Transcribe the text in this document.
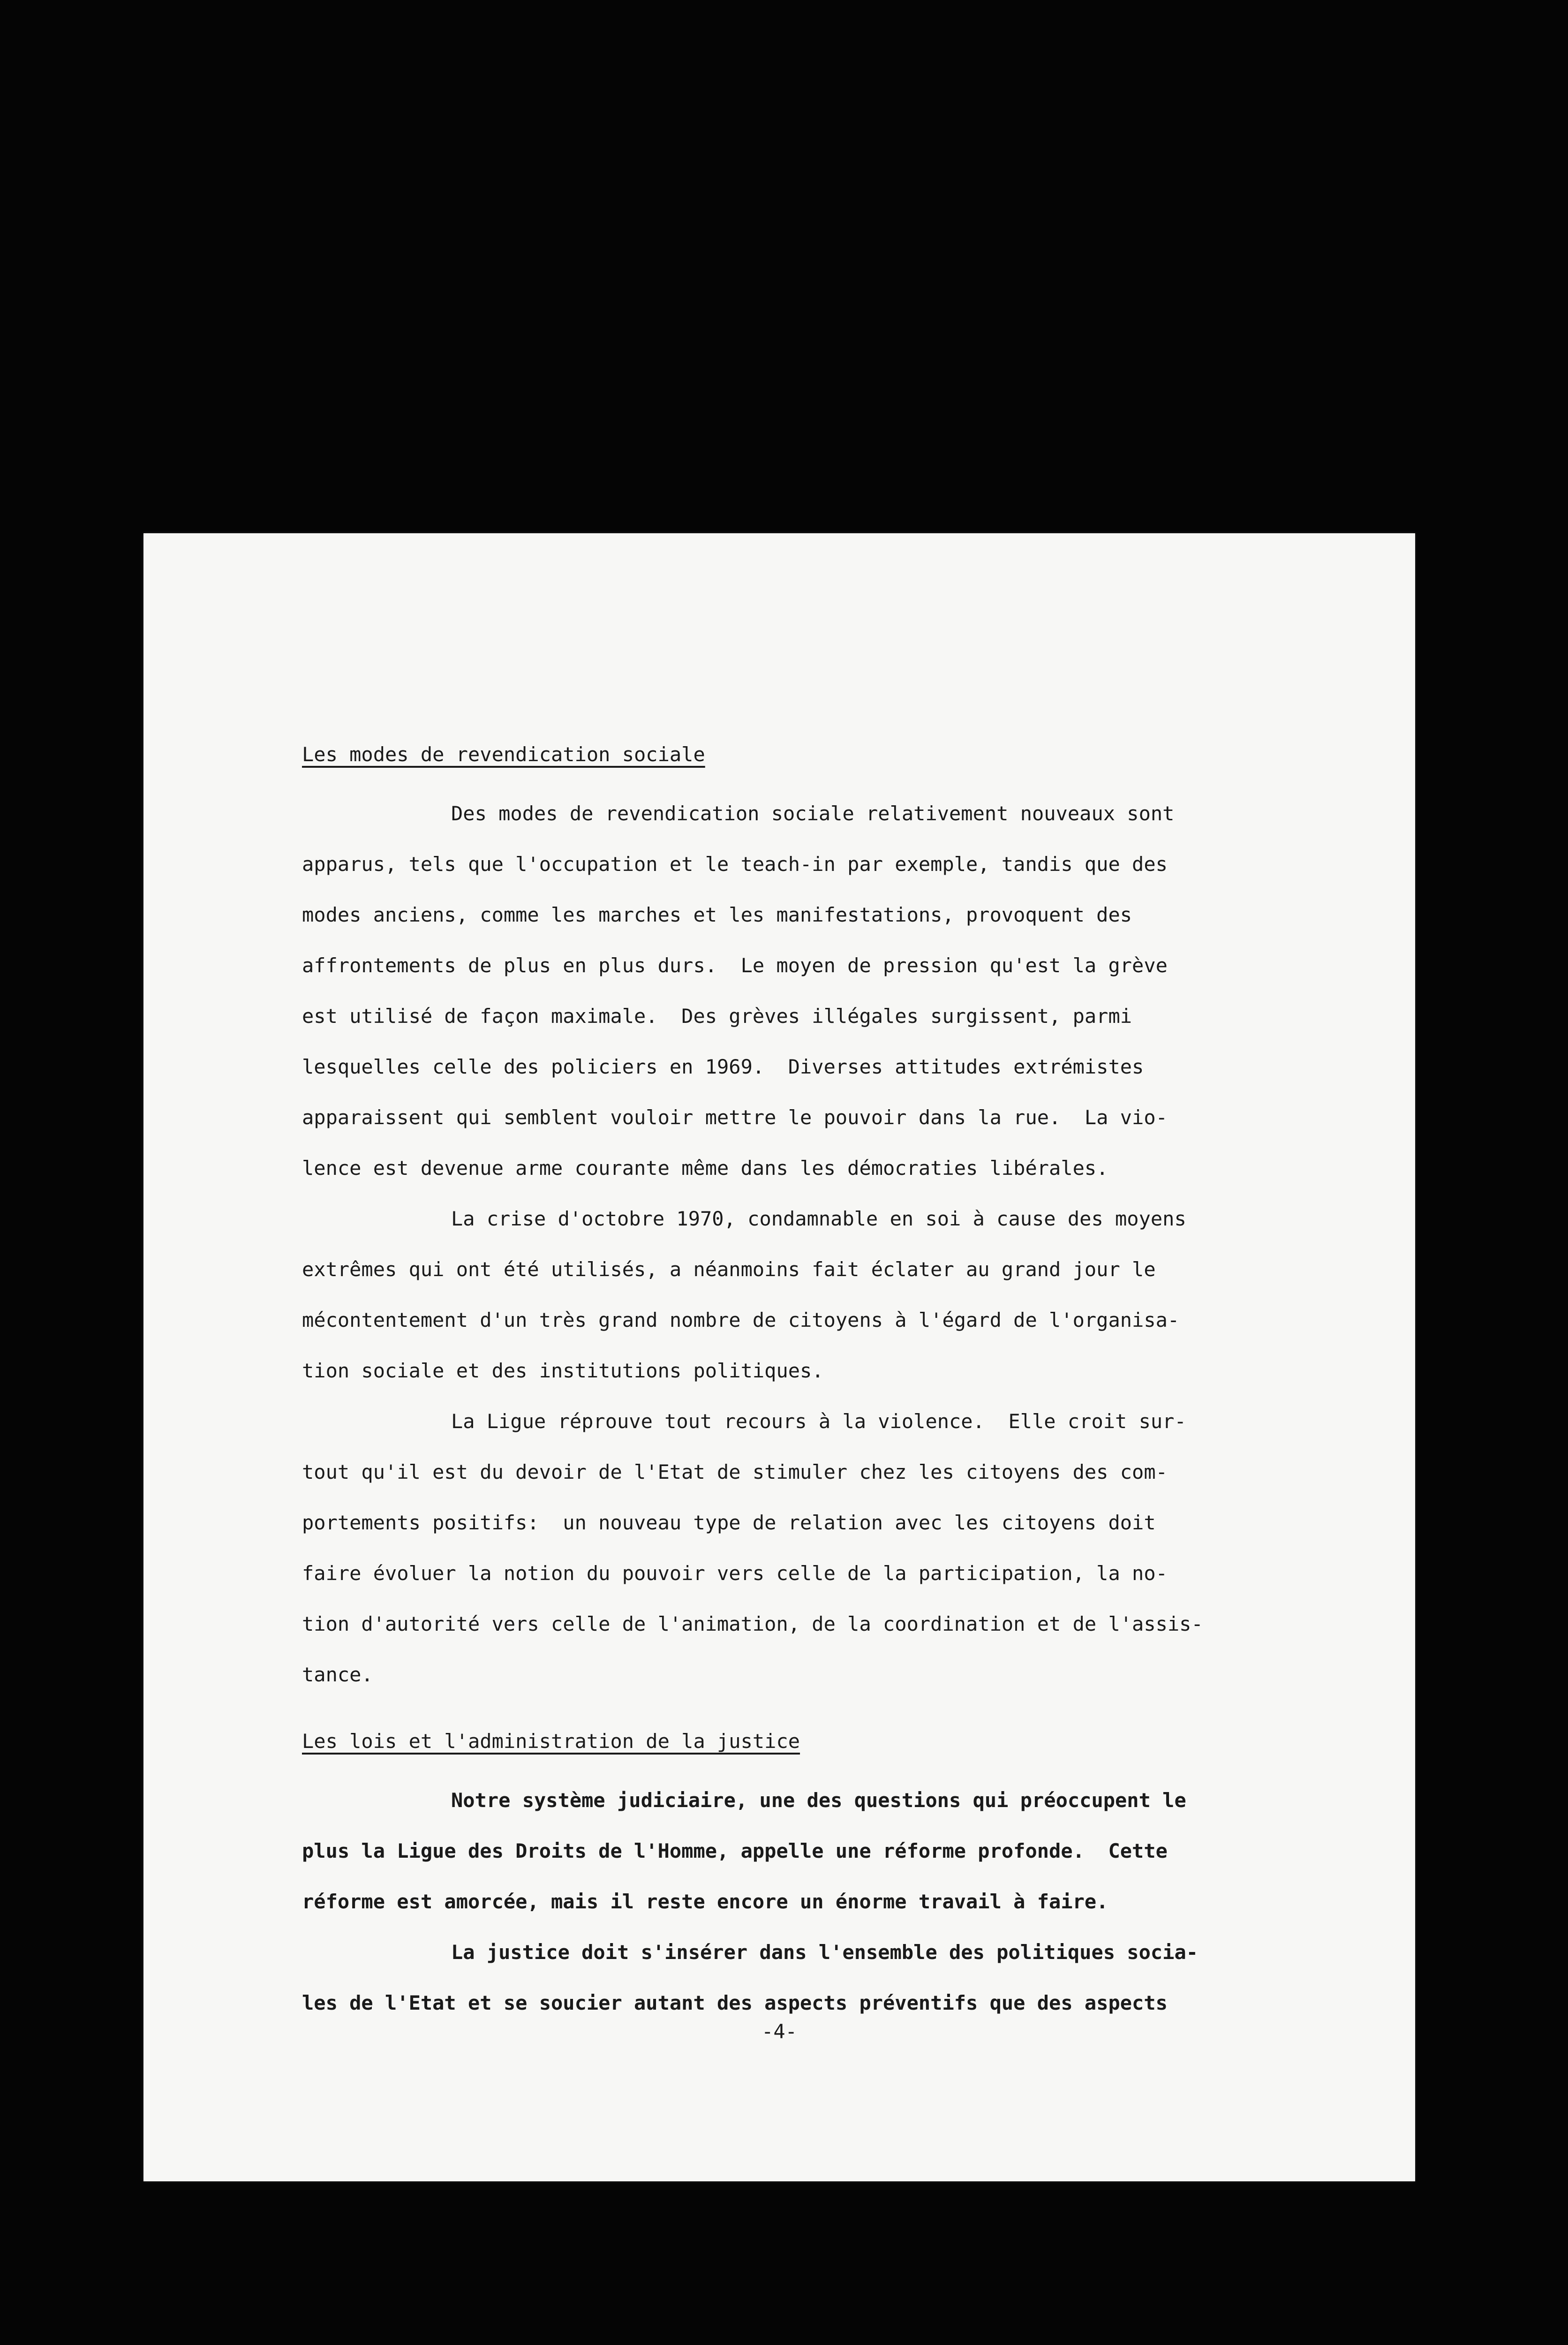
Les modes de revendication sociale
Des modes de revendication sociale relativement nouveaux sont
apparus, tels que l'occupation et le teach-in par exemple, tandis que des
modes anciens, comme les marches et les manifestations, provoquent des
affrontements de plus en plus durs.  Le moyen de pression qu'est la grève
est utilisé de façon maximale.  Des grèves illégales surgissent, parmi
lesquelles celle des policiers en 1969.  Diverses attitudes extrémistes
apparaissent qui semblent vouloir mettre le pouvoir dans la rue.  La vio-
lence est devenue arme courante même dans les démocraties libérales.
La crise d'octobre 1970, condamnable en soi à cause des moyens
extrêmes qui ont été utilisés, a néanmoins fait éclater au grand jour le
mécontentement d'un très grand nombre de citoyens à l'égard de l'organisa-
tion sociale et des institutions politiques.
La Ligue réprouve tout recours à la violence.  Elle croit sur-
tout qu'il est du devoir de l'Etat de stimuler chez les citoyens des com-
portements positifs:  un nouveau type de relation avec les citoyens doit
faire évoluer la notion du pouvoir vers celle de la participation, la no-
tion d'autorité vers celle de l'animation, de la coordination et de l'assis-
tance.
Les lois et l'administration de la justice
Notre système judiciaire, une des questions qui préoccupent le
plus la Ligue des Droits de l'Homme, appelle une réforme profonde.  Cette
réforme est amorcée, mais il reste encore un énorme travail à faire.
La justice doit s'insérer dans l'ensemble des politiques socia-
les de l'Etat et se soucier autant des aspects préventifs que des aspects
-4-
